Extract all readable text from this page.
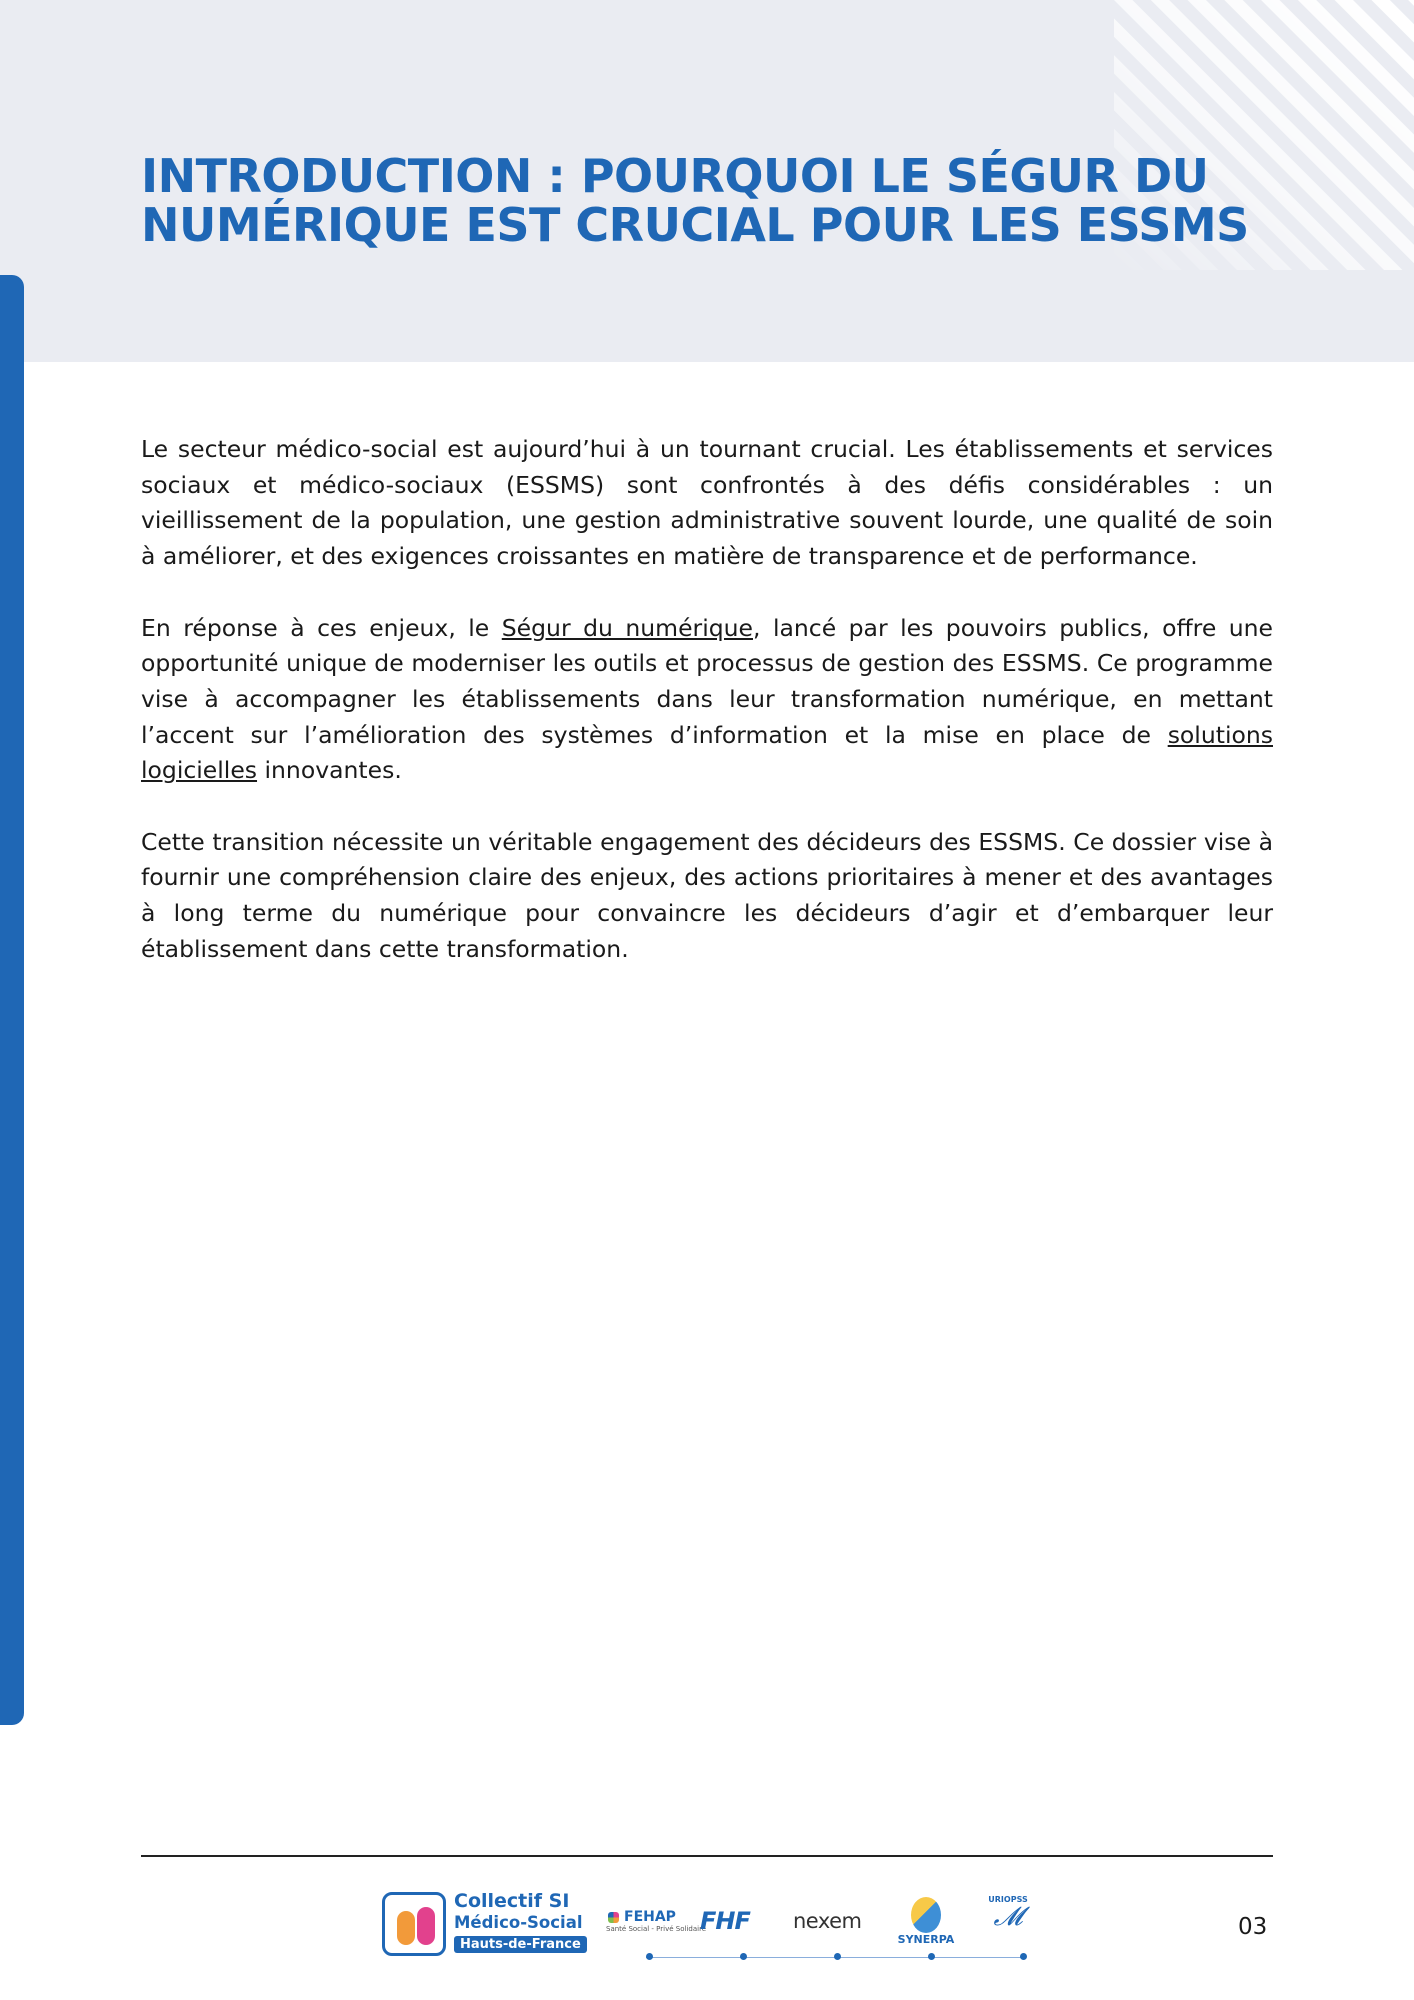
INTRODUCTION : POURQUOI LE SÉGUR DU NUMÉRIQUE EST CRUCIAL POUR LES ESSMS

Le secteur médico-social est aujourd’hui à un tournant crucial. Les établissements et services sociaux et médico-sociaux (ESSMS) sont confrontés à des défis considérables : un vieillissement de la population, une gestion administrative souvent lourde, une qualité de soin à améliorer, et des exigences croissantes en matière de transparence et de performance.

En réponse à ces enjeux, le Ségur du numérique, lancé par les pouvoirs publics, offre une opportunité unique de moderniser les outils et processus de gestion des ESSMS. Ce programme vise à accompagner les établissements dans leur transformation numérique, en mettant l’accent sur l’amélioration des systèmes d’information et la mise en place de solutions logicielles innovantes.

Cette transition nécessite un véritable engagement des décideurs des ESSMS. Ce dossier vise à fournir une compréhension claire des enjeux, des actions prioritaires à mener et des avantages à long terme du numérique pour convaincre les décideurs d’agir et d’embarquer leur établissement dans cette transformation.

Collectif SI
Médico-Social
Hauts-de-France
FEHAP
Santé Social - Privé Solidaire
FHF nexem
SYNERPA
URIOPSS
𝓜	03
